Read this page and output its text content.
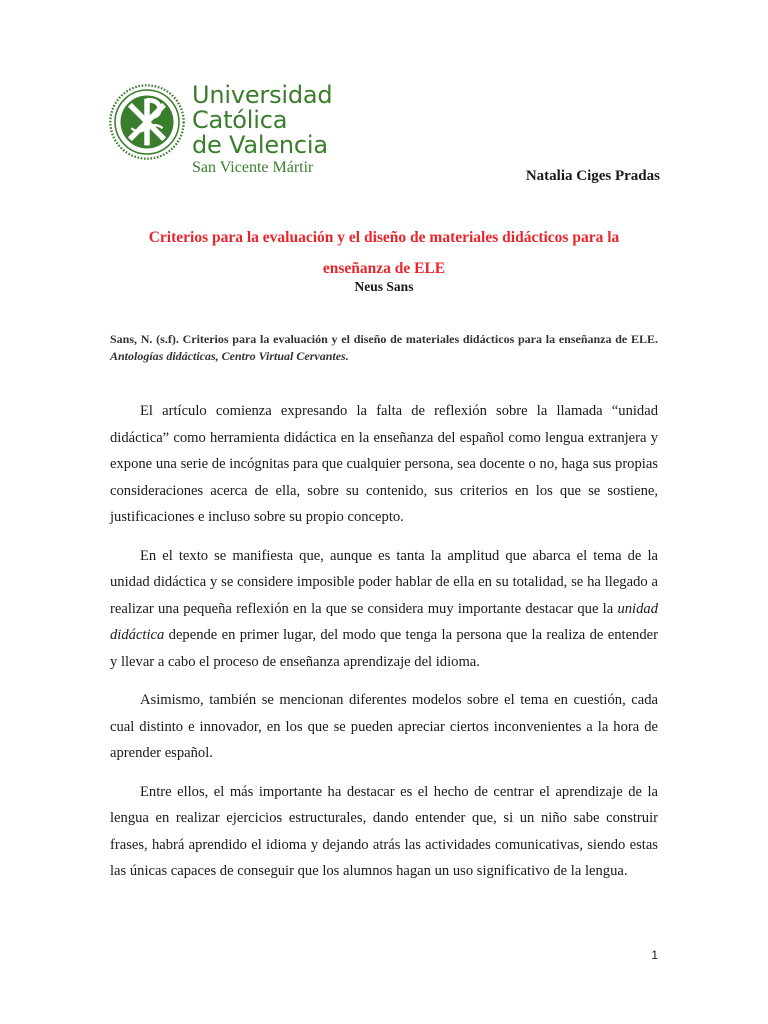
Universidad
Católica
de Valencia
San Vicente Mártir	Natalia Ciges Pradas
Criterios para la evaluación y el diseño de materiales didácticos para la
enseñanza de ELE
Neus Sans
Sans, N. (s.f). Criterios para la evaluación y el diseño de materiales didácticos para la enseñanza de ELE. Antologías didácticas, Centro Virtual Cervantes.

El artículo comienza expresando la falta de reflexión sobre la llamada “unidad didáctica” como herramienta didáctica en la enseñanza del español como lengua extranjera y expone una serie de incógnitas para que cualquier persona, sea docente o no, haga sus propias consideraciones acerca de ella, sobre su contenido, sus criterios en los que se sostiene, justificaciones e incluso sobre su propio concepto.

En el texto se manifiesta que, aunque es tanta la amplitud que abarca el tema de la unidad didáctica y se considere imposible poder hablar de ella en su totalidad, se ha llegado a realizar una pequeña reflexión en la que se considera muy importante destacar que la unidad didáctica depende en primer lugar, del modo que tenga la persona que la realiza de entender y llevar a cabo el proceso de enseñanza aprendizaje del idioma.

Asimismo, también se mencionan diferentes modelos sobre el tema en cuestión, cada cual distinto e innovador, en los que se pueden apreciar ciertos inconvenientes a la hora de aprender español.

Entre ellos, el más importante ha destacar es el hecho de centrar el aprendizaje de la lengua en realizar ejercicios estructurales, dando entender que, si un niño sabe construir frases, habrá aprendido el idioma y dejando atrás las actividades comunicativas, siendo estas las únicas capaces de conseguir que los alumnos hagan un uso significativo de la lengua.

1
